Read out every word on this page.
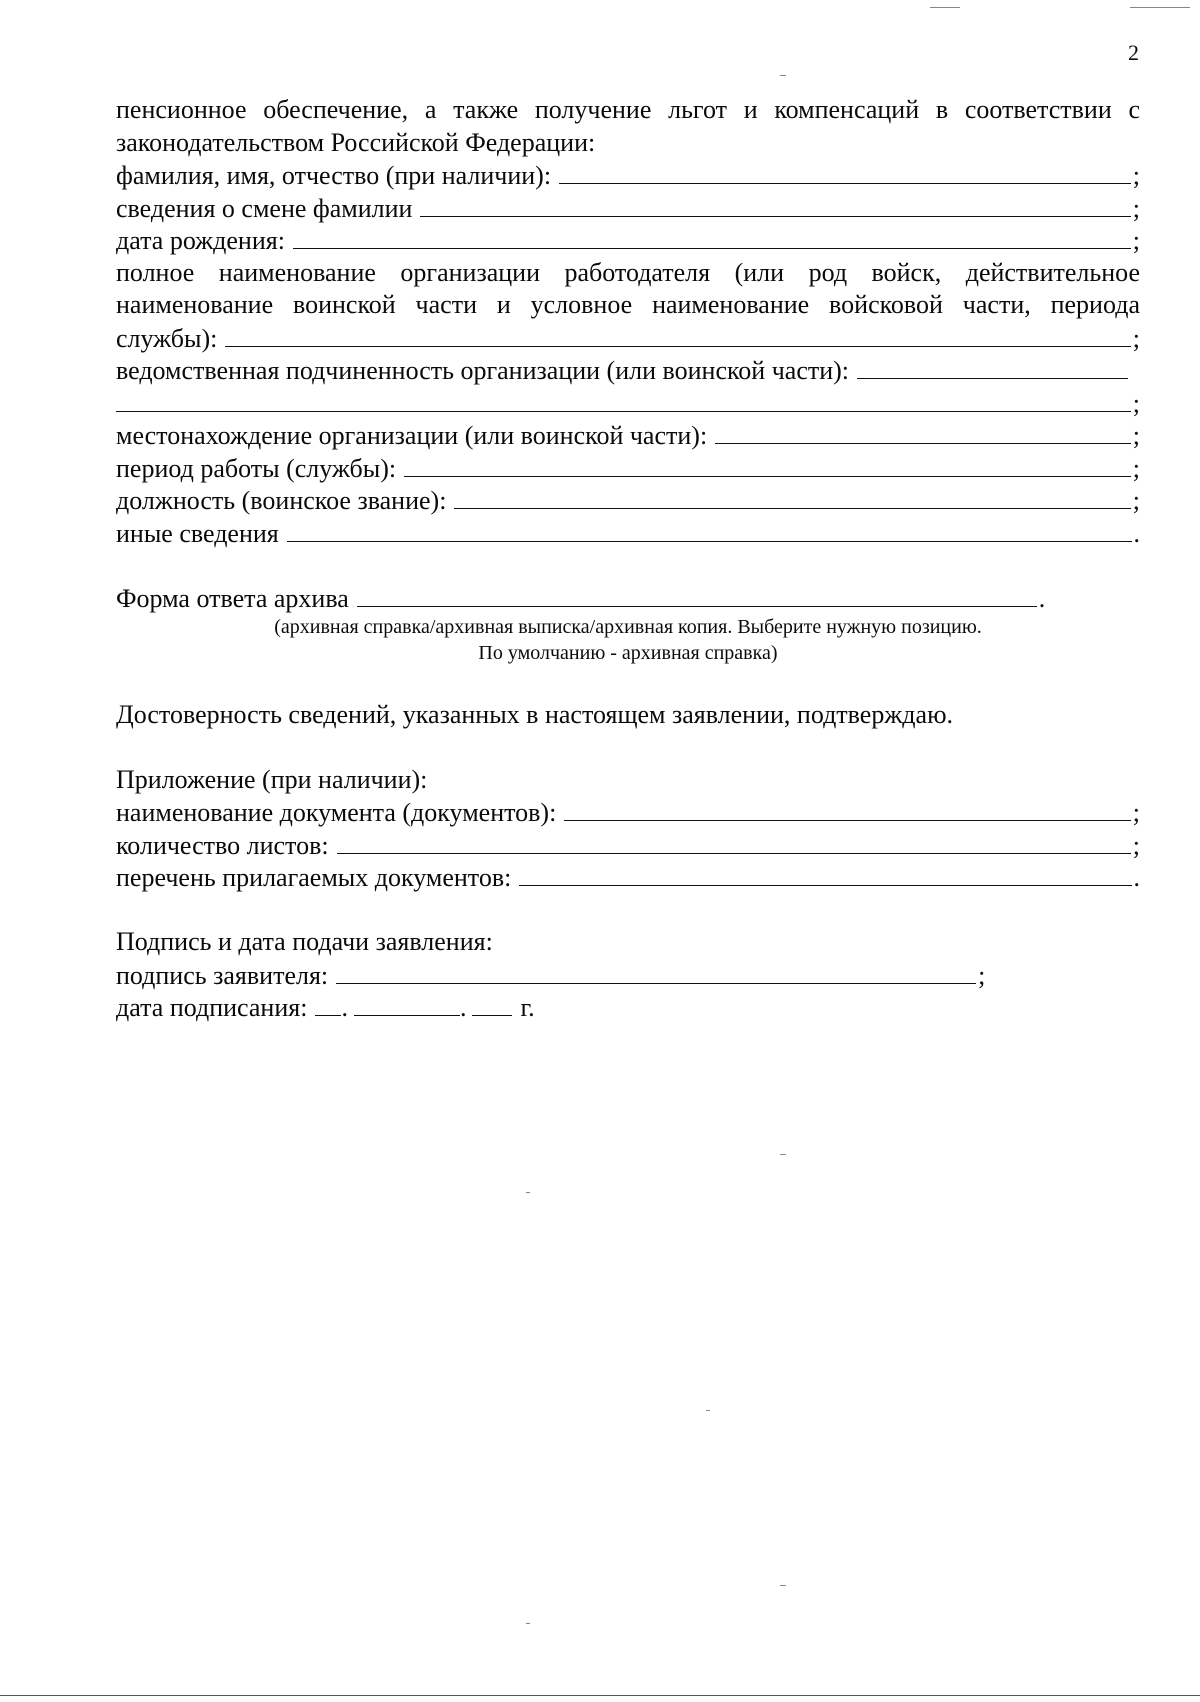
2
пенсионное обеспечение, а также получение льгот и компенсаций в соответствии с
законодательством Российской Федерации:
фамилия, имя, отчество (при наличии):	;
сведения о смене фамилии	;
дата рождения:	;
полное наименование организации работодателя (или род войск, действительное
наименование воинской части и условное наименование войсковой части, периода
службы):	;
ведомственная подчиненность организации (или воинской части):
;
местонахождение организации (или воинской части):	;
период работы (службы):	;
должность (воинское звание):	;
иные сведения	.
Форма ответа архива	.
(архивная справка/архивная выписка/архивная копия. Выберите нужную позицию.
По умолчанию - архивная справка)
Достоверность сведений, указанных в настоящем заявлении, подтверждаю.
Приложение (при наличии):
наименование документа (документов):	;
количество листов:	;
перечень прилагаемых документов:	.
Подпись и дата подачи заявления:
подпись заявителя:	;
дата подписания: .	. г.
